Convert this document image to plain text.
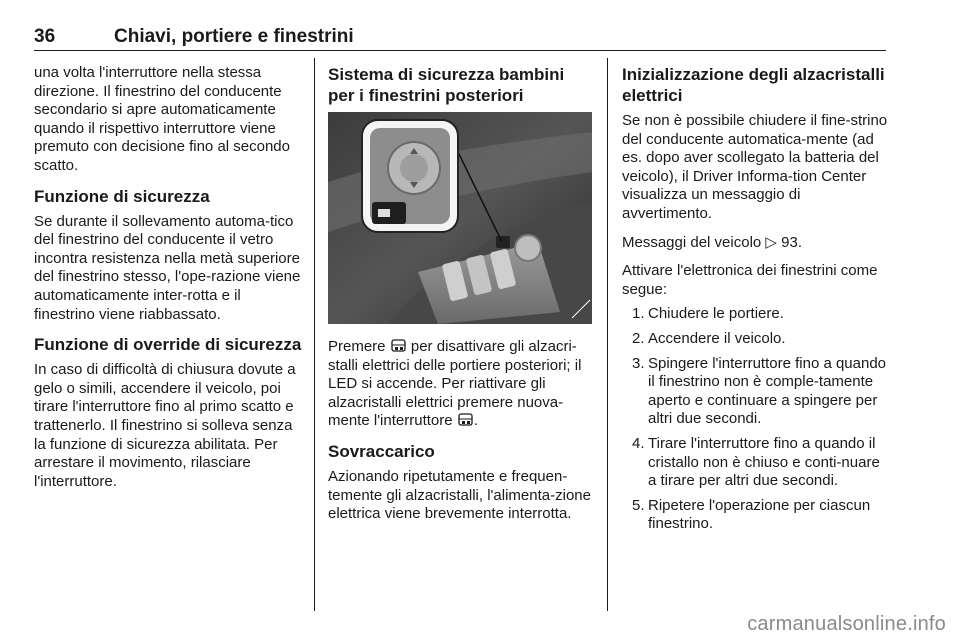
36	Chiavi, portiere e finestrini

una volta l'interruttore nella stessa direzione. Il finestrino del conducente secondario si apre automaticamente quando il rispettivo interruttore viene premuto con decisione fino al secondo scatto.

Funzione di sicurezza

Se durante il sollevamento automa-tico del finestrino del conducente il vetro incontra resistenza nella metà superiore del finestrino stesso, l'ope-razione viene automaticamente inter-rotta e il finestrino viene riabbassato.

Funzione di override di sicurezza

In caso di difficoltà di chiusura dovute a gelo o simili, accendere il veicolo, poi tirare l'interruttore fino al primo scatto e trattenerlo. Il finestrino si solleva senza la funzione di sicurezza abilitata. Per arrestare il movimento, rilasciare l'interruttore.

Sistema di sicurezza bambini per i finestrini posteriori

Premere per disattivare gli alzacri-stalli elettrici delle portiere posteriori; il LED si accende. Per riattivare gli alzacristalli elettrici premere nuova-mente l'interruttore .

Sovraccarico

Azionando ripetutamente e frequen-temente gli alzacristalli, l'alimenta-zione elettrica viene brevemente interrotta.

Inizializzazione degli alzacristalli elettrici

Se non è possibile chiudere il fine-strino del conducente automatica-mente (ad es. dopo aver scollegato la batteria del veicolo), il Driver Informa-tion Center visualizza un messaggio di avvertimento.

Messaggi del veicolo ▷ 93.

Attivare l'elettronica dei finestrini come segue:

1. Chiudere le portiere.
2. Accendere il veicolo.
3. Spingere l'interruttore fino a quando il finestrino non è comple-tamente aperto e continuare a spingere per altri due secondi.
4. Tirare l'interruttore fino a quando il cristallo non è chiuso e conti-nuare a tirare per altri due secondi.
5. Ripetere l'operazione per ciascun finestrino.
carmanualsonline.info
